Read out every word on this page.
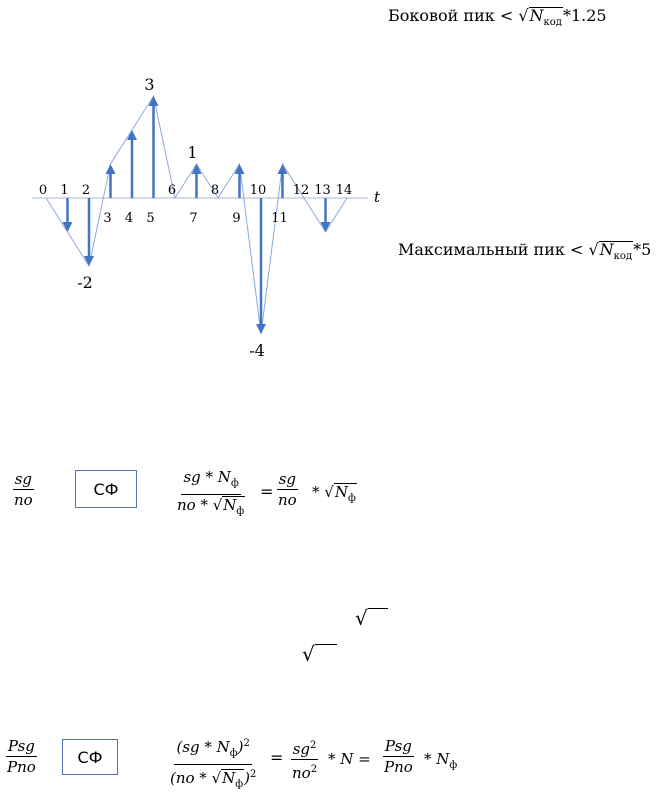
0 1 2
3 4 5
6
7
8
9
10
11
12 13 14 t
3
-2
1
-4
Боковой пик < $√N_{код}*1.25$
Максимальный пик < $√N_{код}*5$
$\frac{sg}{no}$	СФ
sg * $N_ф$
no * $√N_ф$
= $\frac{sg}{no} * √N_ф$
√
√
Psg
Pno
СФ
$(sg * N_ф)^2$
$(no * √N_ф)^2$
= $\frac{sg^2}{no^2}$ * N =
Psg
Pno * $N_ф$
